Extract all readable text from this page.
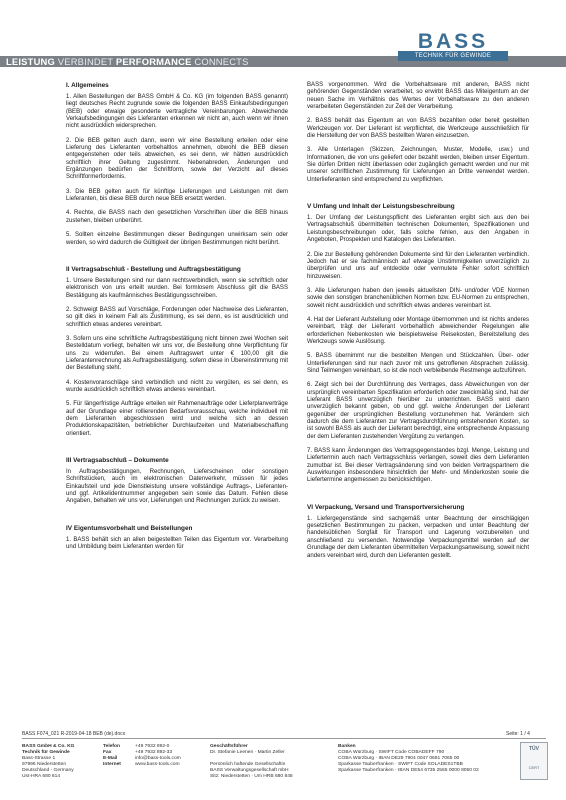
LEISTUNG VERBINDET PERFORMANCE CONNECTS
BASS
TECHNIK FÜR GEWINDE
I. Allgemeines

1. Allen Bestellungen der BASS GmbH & Co. KG (im folgenden BASS genannt) liegt deutsches Recht zugrunde sowie die folgenden BASS Einkaufsbedingungen (BEB) oder etwaige gesonderte vertragliche Vereinbarungen. Abweichende Verkaufsbedingungen des Lieferanten erkennen wir nicht an, auch wenn wir ihnen nicht ausdrücklich widersprechen.

2. Die BEB gelten auch dann, wenn wir eine Bestellung erteilen oder eine Lieferung des Lieferanten vorbehaltlos annehmen, obwohl die BEB diesen entgegenstehen oder teils abweichen, es sei denn, wir hätten ausdrücklich schriftlich ihrer Geltung zugestimmt. Nebenabreden, Änderungen und Ergänzungen bedürfen der Schriftform, sowie der Verzicht auf dieses Schriftformerfordernis.

3. Die BEB gelten auch für künftige Lieferungen und Leistungen mit dem Lieferanten, bis diese BEB durch neue BEB ersetzt werden.

4. Rechte, die BASS nach den gesetzlichen Vorschriften über die BEB hinaus zustehen, bleiben unberührt.

5. Sollten einzelne Bestimmungen dieser Bedingungen unwirksam sein oder werden, so wird dadurch die Gültigkeit der übrigen Bestimmungen nicht berührt.

II Vertragsabschluß - Bestellung und Auftragsbestätigung

1. Unsere Bestellungen sind nur dann rechtsverbindlich, wenn sie schriftlich oder elektronisch von uns erteilt wurden. Bei formlosem Abschluss gilt die BASS Bestätigung als kaufmännisches Bestätigungsschreiben.

2. Schweigt BASS auf Vorschläge, Forderungen oder Nachweise des Lieferanten, so gilt dies in keinem Fall als Zustimmung, es sei denn, es ist ausdrücklich und schriftlich etwas anderes vereinbart.

3. Sofern uns eine schriftliche Auftragsbestätigung nicht binnen zwei Wochen seit Bestelldatum vorliegt, behalten wir uns vor, die Bestellung ohne Verpflichtung für uns zu widerrufen. Bei einem Auftragswert unter € 100,00 gilt die Lieferantenrechnung als Auftragsbestätigung, sofern diese in Übereinstimmung mit der Bestellung steht.

4. Kostenvoranschläge sind verbindlich und nicht zu vergüten, es sei denn, es wurde ausdrücklich schriftlich etwas anderes vereinbart.

5. Für längerfristige Aufträge erteilen wir Rahmenaufträge oder Lieferplanverträge auf der Grundlage einer rollierenden Bedarfsvorausschau, welche individuell mit dem Lieferanten abgeschlossen wird und welche sich an dessen Produktionskapazitäten, betrieblicher Durchlaufzeiten und Materialbeschaffung orientiert.

III Vertragsabschluß – Dokumente

In Auftragsbestätigungen, Rechnungen, Lieferscheinen oder sonstigen Schriftstücken, auch im elektronischen Datenverkehr, müssen für jedes Einkaufsteil und jede Dienstleistung unsere vollständige Auftrags-, Lieferanten- und ggf. Artikelidentnummer angegeben sein sowie das Datum. Fehlen diese Angaben, behalten wir uns vor, Lieferungen und Rechnungen zurück zu weisen.

IV Eigentumsvorbehalt und Beistellungen

1. BASS behält sich an allen beigestellten Teilen das Eigentum vor. Verarbeitung und Umbildung beim Lieferanten werden für

BASS vorgenommen. Wird die Vorbehaltsware mit anderen, BASS nicht gehörenden Gegenständen verarbeitet, so erwirbt BASS das Miteigentum an der neuen Sache im Verhältnis des Wertes der Vorbehaltsware zu den anderen verarbeiteten Gegenständen zur Zeit der Verarbeitung.

2. BASS behält das Eigentum an von BASS bezahlten oder bereit gestellten Werkzeugen vor. Der Lieferant ist verpflichtet, die Werkzeuge ausschließlich für die Herstellung der von BASS bestellten Waren einzusetzen.

3. Alle Unterlagen (Skizzen, Zeichnungen, Muster, Modelle, usw.) und Informationen, die von uns geliefert oder bezahlt werden, bleiben unser Eigentum. Sie dürfen Dritten nicht überlassen oder zugänglich gemacht werden und nur mit unserer schriftlichen Zustimmung für Lieferungen an Dritte verwendet werden. Unterlieferanten sind entsprechend zu verpflichten.

V Umfang und Inhalt der Leistungsbeschreibung

1. Der Umfang der Leistungspflicht des Lieferanten ergibt sich aus den bei Vertragsabschluß übermittelten technischen Dokumenten, Spezifikationen und Leistungsbeschreibungen oder, falls solche fehlen, aus den Angaben in Angeboten, Prospekten und Katalogen des Lieferanten.

2. Die zur Bestellung gehörenden Dokumente sind für den Lieferanten verbindlich. Jedoch hat er sie fachmännisch auf etwaige Unstimmigkeiten unverzüglich zu überprüfen und uns auf entdeckte oder vermutete Fehler sofort schriftlich hinzuweisen.

3. Alle Lieferungen haben den jeweils aktuellsten DIN- und/oder VDE Normen sowie den sonstigen branchenüblichen Normen bzw. EU-Normen zu entsprechen, soweit nicht ausdrücklich und schriftlich etwas anderes vereinbart ist.

4. Hat der Lieferant Aufstellung oder Montage übernommen und ist nichts anderes vereinbart, trägt der Lieferant vorbehaltlich abweichender Regelungen alle erforderlichen Nebenkosten wie beispielsweise Reisekosten, Bereitstellung des Werkzeugs sowie Auslösung.

5. BASS übernimmt nur die bestellten Mengen und Stückzahlen. Über- oder Unterlieferungen sind nur nach zuvor mit uns getroffenen Absprachen zulässig. Sind Teilmengen vereinbart, so ist die noch verbleibende Restmenge aufzuführen.

6. Zeigt sich bei der Durchführung des Vertrages, dass Abweichungen von der ursprünglich vereinbarten Spezifikation erforderlich oder zweckmäßig sind, hat der Lieferant BASS unverzüglich hierüber zu unterrichten. BASS wird dann unverzüglich bekannt geben, ob und ggf. welche Änderungen der Lieferant gegenüber der ursprünglichen Bestellung vorzunehmen hat. Verändern sich dadurch die dem Lieferanten zur Vertragsdurchführung entstehenden Kosten, so ist sowohl BASS als auch der Lieferant berechtigt, eine entsprechende Anpassung der dem Lieferanten zustehenden Vergütung zu verlangen.

7. BASS kann Änderungen des Vertragsgegenstandes bzgl. Menge, Leistung und Liefertermin auch nach Vertragsschluss verlangen, soweit dies dem Lieferanten zumutbar ist. Bei dieser Vertragsänderung sind von beiden Vertragspartnern die Auswirkungen insbesondere hinsichtlich der Mehr- und Minderkosten sowie die Liefertermine angemessen zu berücksichtigen.

VI Verpackung, Versand und Transportversicherung

1. Liefergegenstände sind sachgemäß unter Beachtung der einschlägigen gesetzlichen Bestimmungen zu packen, verpacken und unter Beachtung der handelsüblichen Sorgfalt für Transport und Lagerung vorzubereiten und anschließend zu versenden. Notwendige Verpackungsmittel werden auf der Grundlage der dem Lieferanten übermittelten Verpackungsanweisung, soweit nicht anders vereinbart wird, durch den Lieferanten gestellt.

BASS F074_021 R-2019-04-18 BEB (de).docx	Seite: 1 / 4
BASS GmbH & Co. KG
Technik für Gewinde
Bass-Strasse 1
97996 Niederstetten
Deutschland - Germany
Ust-HRA 680 814
Telefon
Fax
E-Mail
Internet
+49 7932 892-0
+49 7932 892-33
info@bass-tools.com
www.bass-tools.com
Geschäftsführer
Dr. Stefanie Leenen · Martin Zeller

Persönlich haftende Gesellschaftin
BASS Verwaltungsgesellschaft mbH
Sitz: Niederstetten · Um HRB 680 848
Banken
COBA Würzburg · SWIFT Code COBADEFF 790
COBA Würzburg · IBAN DE29 7904 0047 0691 7065 00
Sparkasse Tauberfranken · SWIFT Code SOLADES1TBB
Sparkasse Tauberfranken · IBAN DE54 6735 2565 0000 8050 02
TÜV
CERT
